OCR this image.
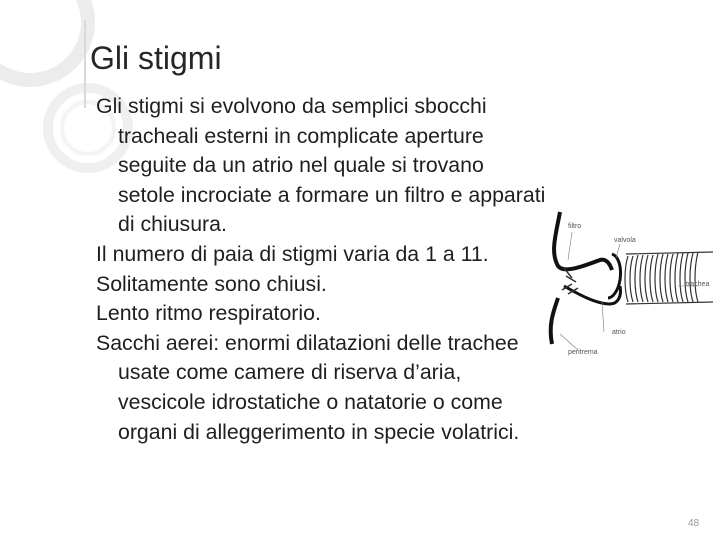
Gli stigmi
Gli stigmi si evolvono da semplici sbocchi tracheali esterni in complicate aperture seguite da un atrio nel quale si trovano setole incrociate a formare un filtro e apparati di chiusura.
Il numero di paia di stigmi varia da 1 a 11.
Solitamente sono chiusi.
Lento ritmo respiratorio.
Sacchi aerei: enormi dilatazioni delle trachee usate come camere di riserva d’aria, vescicole idrostatiche o natatorie o come organi di alleggerimento in specie volatrici.
filtro
valvola
trachea
atrio
peritrema
48
